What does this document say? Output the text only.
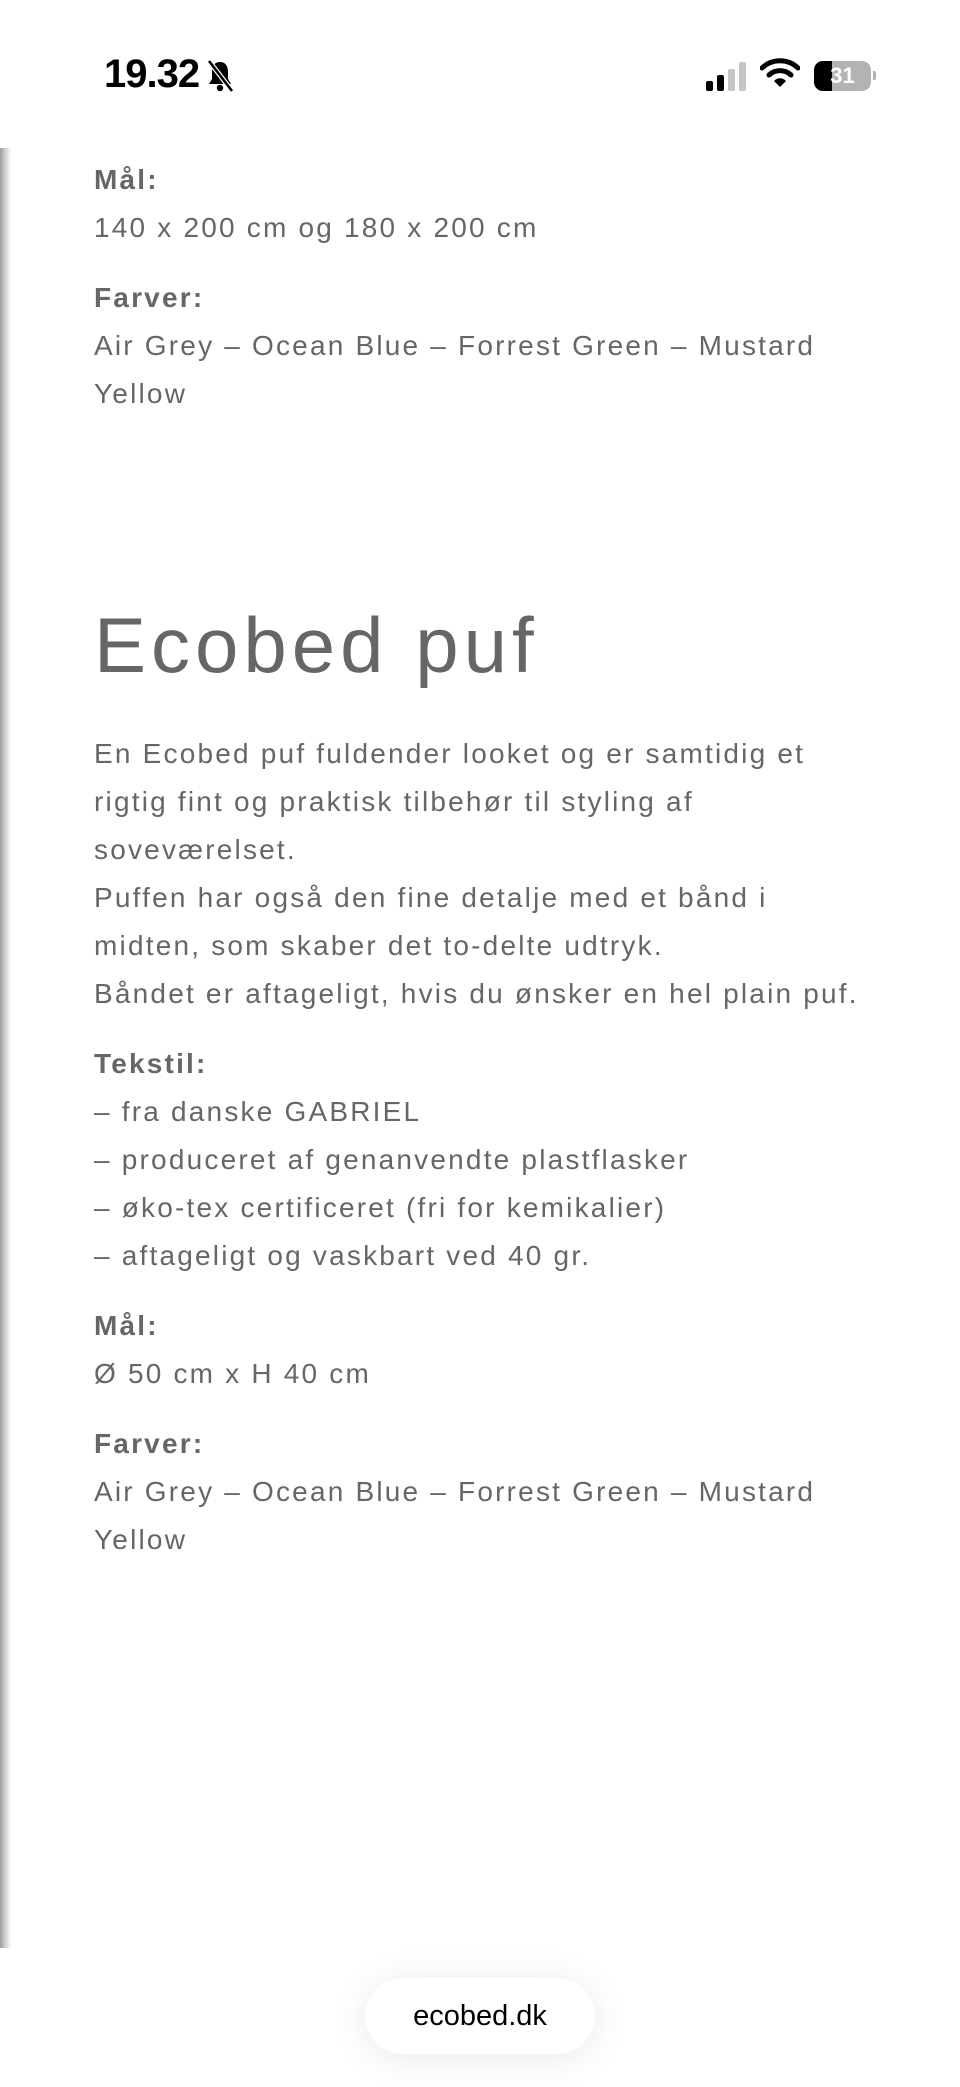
19.32	31
Mål:
140 x 200 cm og 180 x 200 cm
Farver:
Air Grey – Ocean Blue – Forrest Green – Mustard Yellow
Ecobed puf
En Ecobed puf fuldender looket og er samtidig et rigtig fint og praktisk tilbehør til styling af soveværelset.
Puffen har også den fine detalje med et bånd i midten, som skaber det to-delte udtryk.
Båndet er aftageligt, hvis du ønsker en hel plain puf.
Tekstil:
– fra danske GABRIEL
– produceret af genanvendte plastflasker
– øko-tex certificeret (fri for kemikalier)
– aftageligt og vaskbart ved 40 gr.
Mål:
Ø 50 cm x H 40 cm
Farver:
Air Grey – Ocean Blue – Forrest Green – Mustard Yellow
ecobed.dk
